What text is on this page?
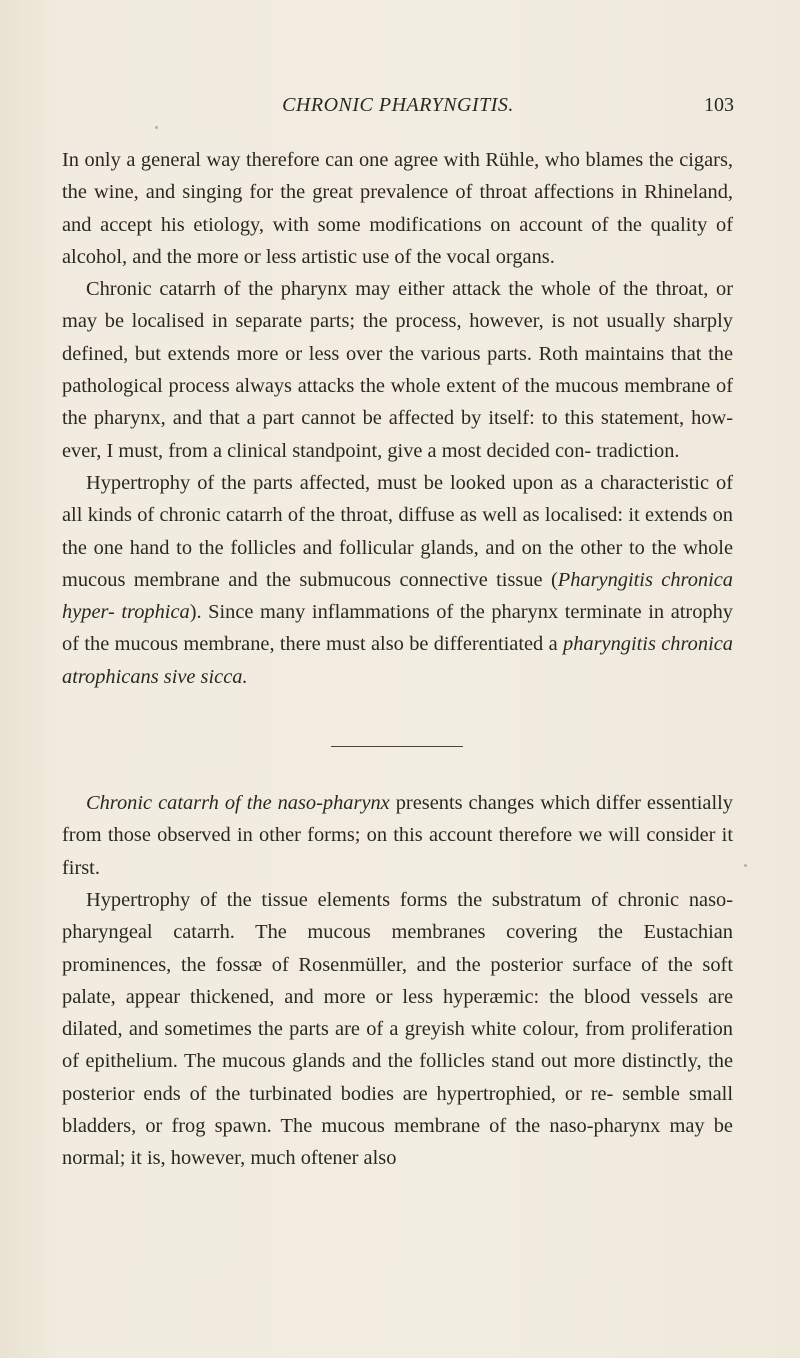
CHRONIC PHARYNGITIS.	103

In only a general way therefore can one agree with Rühle, who blames the cigars, the wine, and singing for the great prevalence of throat affections in Rhineland, and accept his etiology, with some modifications on account of the quality of alcohol, and the more or less artistic use of the vocal organs.

Chronic catarrh of the pharynx may either attack the whole of the throat, or may be localised in separate parts; the process, however, is not usually sharply defined, but extends more or less over the various parts. Roth maintains that the pathological process always attacks the whole extent of the mucous membrane of the pharynx, and that a part cannot be affected by itself: to this statement, how- ever, I must, from a clinical standpoint, give a most decided con- tradiction.

Hypertrophy of the parts affected, must be looked upon as a characteristic of all kinds of chronic catarrh of the throat, diffuse as well as localised: it extends on the one hand to the follicles and follicular glands, and on the other to the whole mucous membrane and the submucous connective tissue (Pharyngitis chronica hyper- trophica). Since many inflammations of the pharynx terminate in atrophy of the mucous membrane, there must also be differentiated a pharyngitis chronica atrophicans sive sicca.

Chronic catarrh of the naso-pharynx presents changes which differ essentially from those observed in other forms; on this account therefore we will consider it first.

Hypertrophy of the tissue elements forms the substratum of chronic naso-pharyngeal catarrh. The mucous membranes covering the Eustachian prominences, the fossæ of Rosenmüller, and the posterior surface of the soft palate, appear thickened, and more or less hyperæmic: the blood vessels are dilated, and sometimes the parts are of a greyish white colour, from proliferation of epithelium. The mucous glands and the follicles stand out more distinctly, the posterior ends of the turbinated bodies are hypertrophied, or re- semble small bladders, or frog spawn. The mucous membrane of the naso-pharynx may be normal; it is, however, much oftener also
